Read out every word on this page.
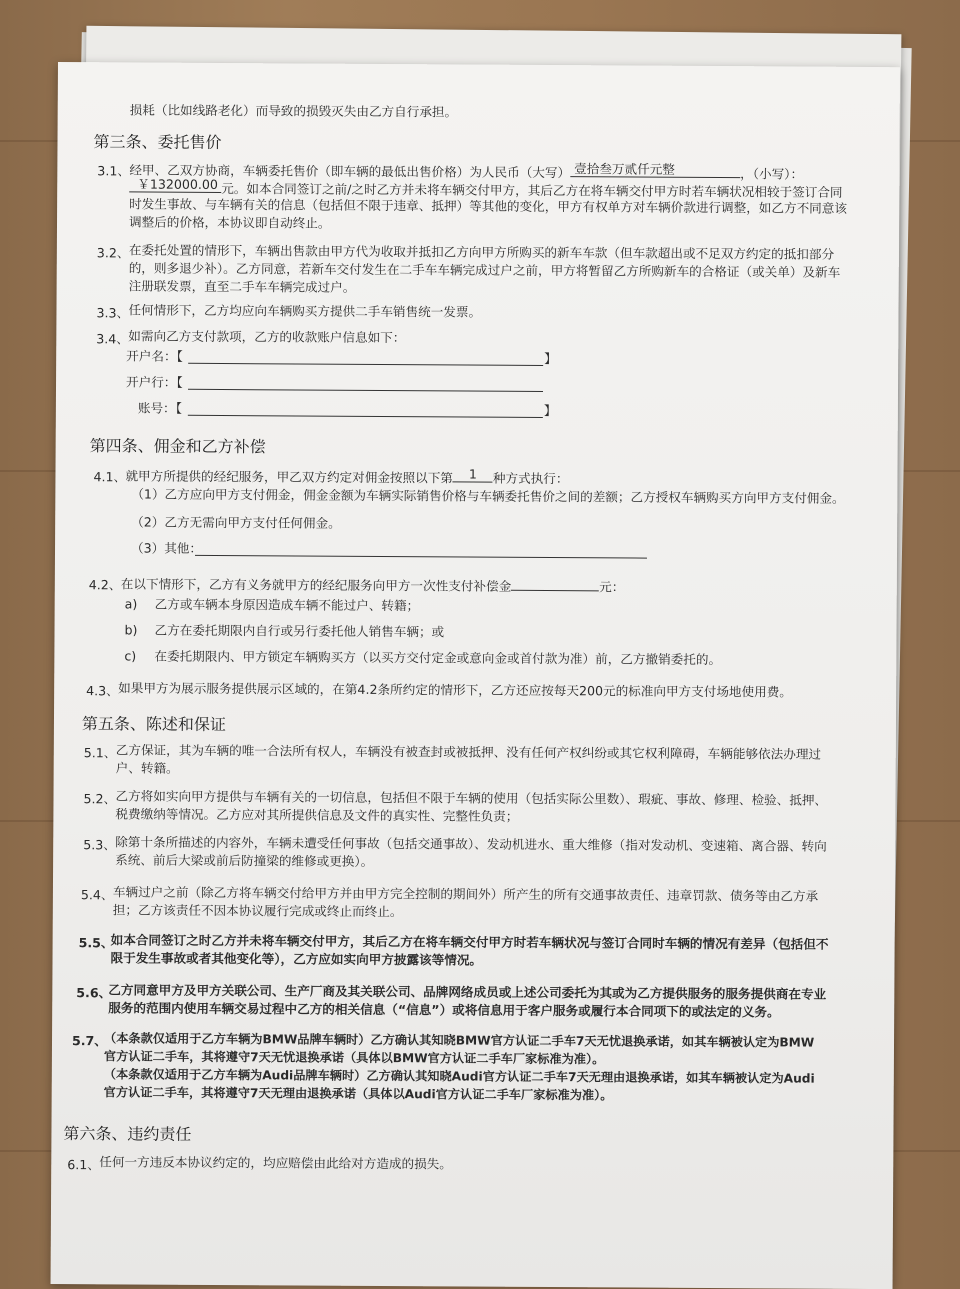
损耗（比如线路老化）而导致的损毁灭失由乙方自行承担。
第三条、委托售价
3.1、 经甲、乙双方协商，车辆委托售价（即车辆的最低出售价格）为人民币（大写） 壹拾叁万贰仟元整	，（小写）：
￥132000.00 元。如本合同签订之前/之时乙方并未将车辆交付甲方，其后乙方在将车辆交付甲方时若车辆状况相较于签订合同
时发生事故、与车辆有关的信息（包括但不限于违章、抵押）等其他的变化，甲方有权单方对车辆价款进行调整，如乙方不同意该
调整后的价格，本协议即自动终止。
3.2、 在委托处置的情形下，车辆出售款由甲方代为收取并抵扣乙方向甲方所购买的新车车款（但车款超出或不足双方约定的抵扣部分
的，则多退少补）。乙方同意，若新车交付发生在二手车车辆完成过户之前，甲方将暂留乙方所购新车的合格证（或关单）及新车
注册联发票，直至二手车车辆完成过户。
3.3、 任何情形下，乙方均应向车辆购买方提供二手车销售统一发票。
3.4、 如需向乙方支付款项，乙方的收款账户信息如下：
开户名：【	】
开户行：【
账号：【	】
第四条、佣金和乙方补偿
4.1、 就甲方所提供的经纪服务，甲乙双方约定对佣金按照以下第 1 种方式执行：
（1）乙方应向甲方支付佣金，佣金金额为车辆实际销售价格与车辆委托售价之间的差额；乙方授权车辆购买方向甲方支付佣金。
（2）乙方无需向甲方支付任何佣金。
（3）其他：
4.2、 在以下情形下，乙方有义务就甲方的经纪服务向甲方一次性支付补偿金	元：
a) 乙方或车辆本身原因造成车辆不能过户、转籍；
b) 乙方在委托期限内自行或另行委托他人销售车辆；或
c) 在委托期限内、甲方锁定车辆购买方（以买方交付定金或意向金或首付款为准）前，乙方撤销委托的。
4.3、 如果甲方为展示服务提供展示区域的，在第4.2条所约定的情形下，乙方还应按每天200元的标准向甲方支付场地使用费。
第五条、陈述和保证
5.1、 乙方保证，其为车辆的唯一合法所有权人，车辆没有被查封或被抵押、没有任何产权纠纷或其它权利障碍，车辆能够依法办理过
户、转籍。
5.2、 乙方将如实向甲方提供与车辆有关的一切信息，包括但不限于车辆的使用（包括实际公里数）、瑕疵、事故、修理、检验、抵押、
税费缴纳等情况。乙方应对其所提供信息及文件的真实性、完整性负责；
5.3、 除第十条所描述的内容外，车辆未遭受任何事故（包括交通事故）、发动机进水、重大维修（指对发动机、变速箱、离合器、转向
系统、前后大梁或前后防撞梁的维修或更换）。
5.4、 车辆过户之前（除乙方将车辆交付给甲方并由甲方完全控制的期间外）所产生的所有交通事故责任、违章罚款、债务等由乙方承
担；乙方该责任不因本协议履行完成或终止而终止。
5.5、
如本合同签订之时乙方并未将车辆交付甲方，其后乙方在将车辆交付甲方时若车辆状况与签订合同时车辆的情况有差异（包括但不
限于发生事故或者其他变化等），乙方应如实向甲方披露该等情况。
5.6、
乙方同意甲方及甲方关联公司、生产厂商及其关联公司、品牌网络成员或上述公司委托为其或为乙方提供服务的服务提供商在专业
服务的范围内使用车辆交易过程中乙方的相关信息（“信息”）或将信息用于客户服务或履行本合同项下的或法定的义务。
5.7、
（本条款仅适用于乙方车辆为BMW品牌车辆时）乙方确认其知晓BMW官方认证二手车7天无忧退换承诺，如其车辆被认定为BMW
官方认证二手车，其将遵守7天无忧退换承诺（具体以BMW官方认证二手车厂家标准为准）。
（本条款仅适用于乙方车辆为Audi品牌车辆时）乙方确认其知晓Audi官方认证二手车7天无理由退换承诺，如其车辆被认定为Audi
官方认证二手车，其将遵守7天无理由退换承诺（具体以Audi官方认证二手车厂家标准为准）。
第六条、违约责任
6.1、 任何一方违反本协议约定的，均应赔偿由此给对方造成的损失。
